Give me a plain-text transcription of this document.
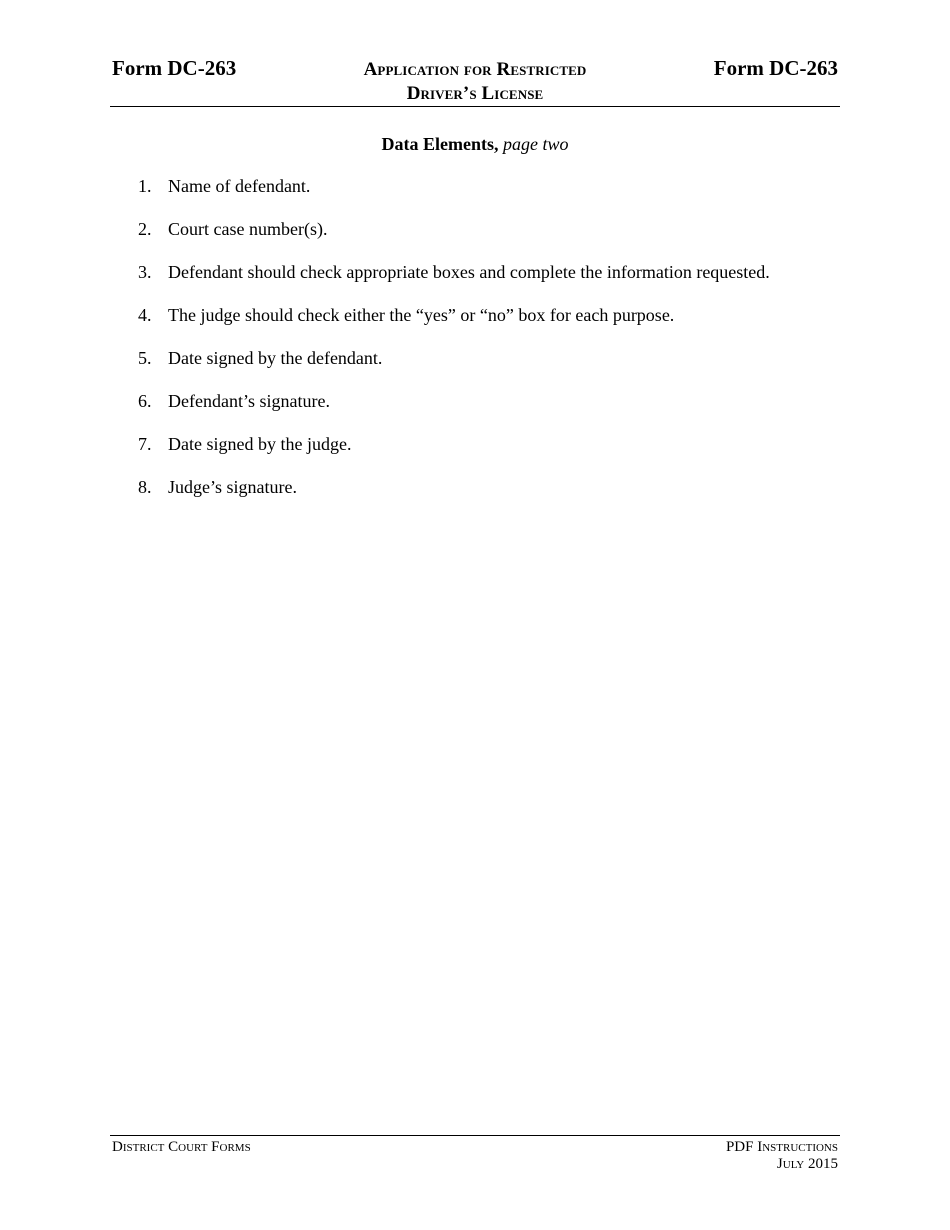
Form DC-263	Application for Restricted
Driver’s License
Form DC-263
Data Elements, page two
1. Name of defendant.
2. Court case number(s).
3. Defendant should check appropriate boxes and complete the information requested.
4. The judge should check either the “yes” or “no” box for each purpose.
5. Date signed by the defendant.
6. Defendant’s signature.
7. Date signed by the judge.
8. Judge’s signature.
District Court Forms	PDF Instructions
July 2015
